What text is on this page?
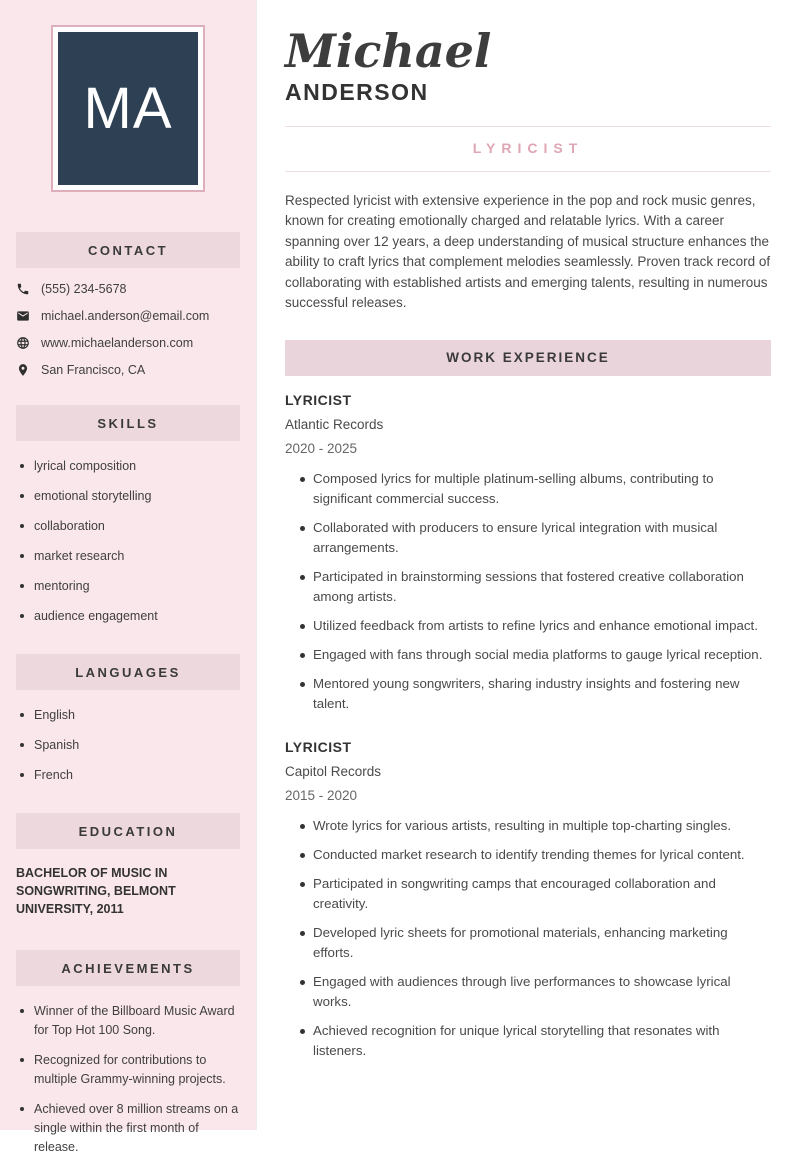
MA
CONTACT
(555) 234-5678
michael.anderson@email.com
www.michaelanderson.com
San Francisco, CA
SKILLS
lyrical composition
emotional storytelling
collaboration
market research
mentoring
audience engagement
LANGUAGES
English
Spanish
French
EDUCATION

BACHELOR OF MUSIC IN SONGWRITING, BELMONT UNIVERSITY, 2011

ACHIEVEMENTS
Winner of the Billboard Music Award for Top Hot 100 Song.
Recognized for contributions to multiple Grammy-winning projects.
Achieved over 8 million streams on a single within the first month of release.
Michael
ANDERSON
LYRICIST

Respected lyricist with extensive experience in the pop and rock music genres, known for creating emotionally charged and relatable lyrics. With a career spanning over 12 years, a deep understanding of musical structure enhances the ability to craft lyrics that complement melodies seamlessly. Proven track record of collaborating with established artists and emerging talents, resulting in numerous successful releases.

WORK EXPERIENCE
LYRICIST
Atlantic Records
2020 - 2025
Composed lyrics for multiple platinum-selling albums, contributing to significant commercial success.
Collaborated with producers to ensure lyrical integration with musical arrangements.
Participated in brainstorming sessions that fostered creative collaboration among artists.
Utilized feedback from artists to refine lyrics and enhance emotional impact.
Engaged with fans through social media platforms to gauge lyrical reception.
Mentored young songwriters, sharing industry insights and fostering new talent.
LYRICIST
Capitol Records
2015 - 2020
Wrote lyrics for various artists, resulting in multiple top-charting singles.
Conducted market research to identify trending themes for lyrical content.
Participated in songwriting camps that encouraged collaboration and creativity.
Developed lyric sheets for promotional materials, enhancing marketing efforts.
Engaged with audiences through live performances to showcase lyrical works.
Achieved recognition for unique lyrical storytelling that resonates with listeners.
